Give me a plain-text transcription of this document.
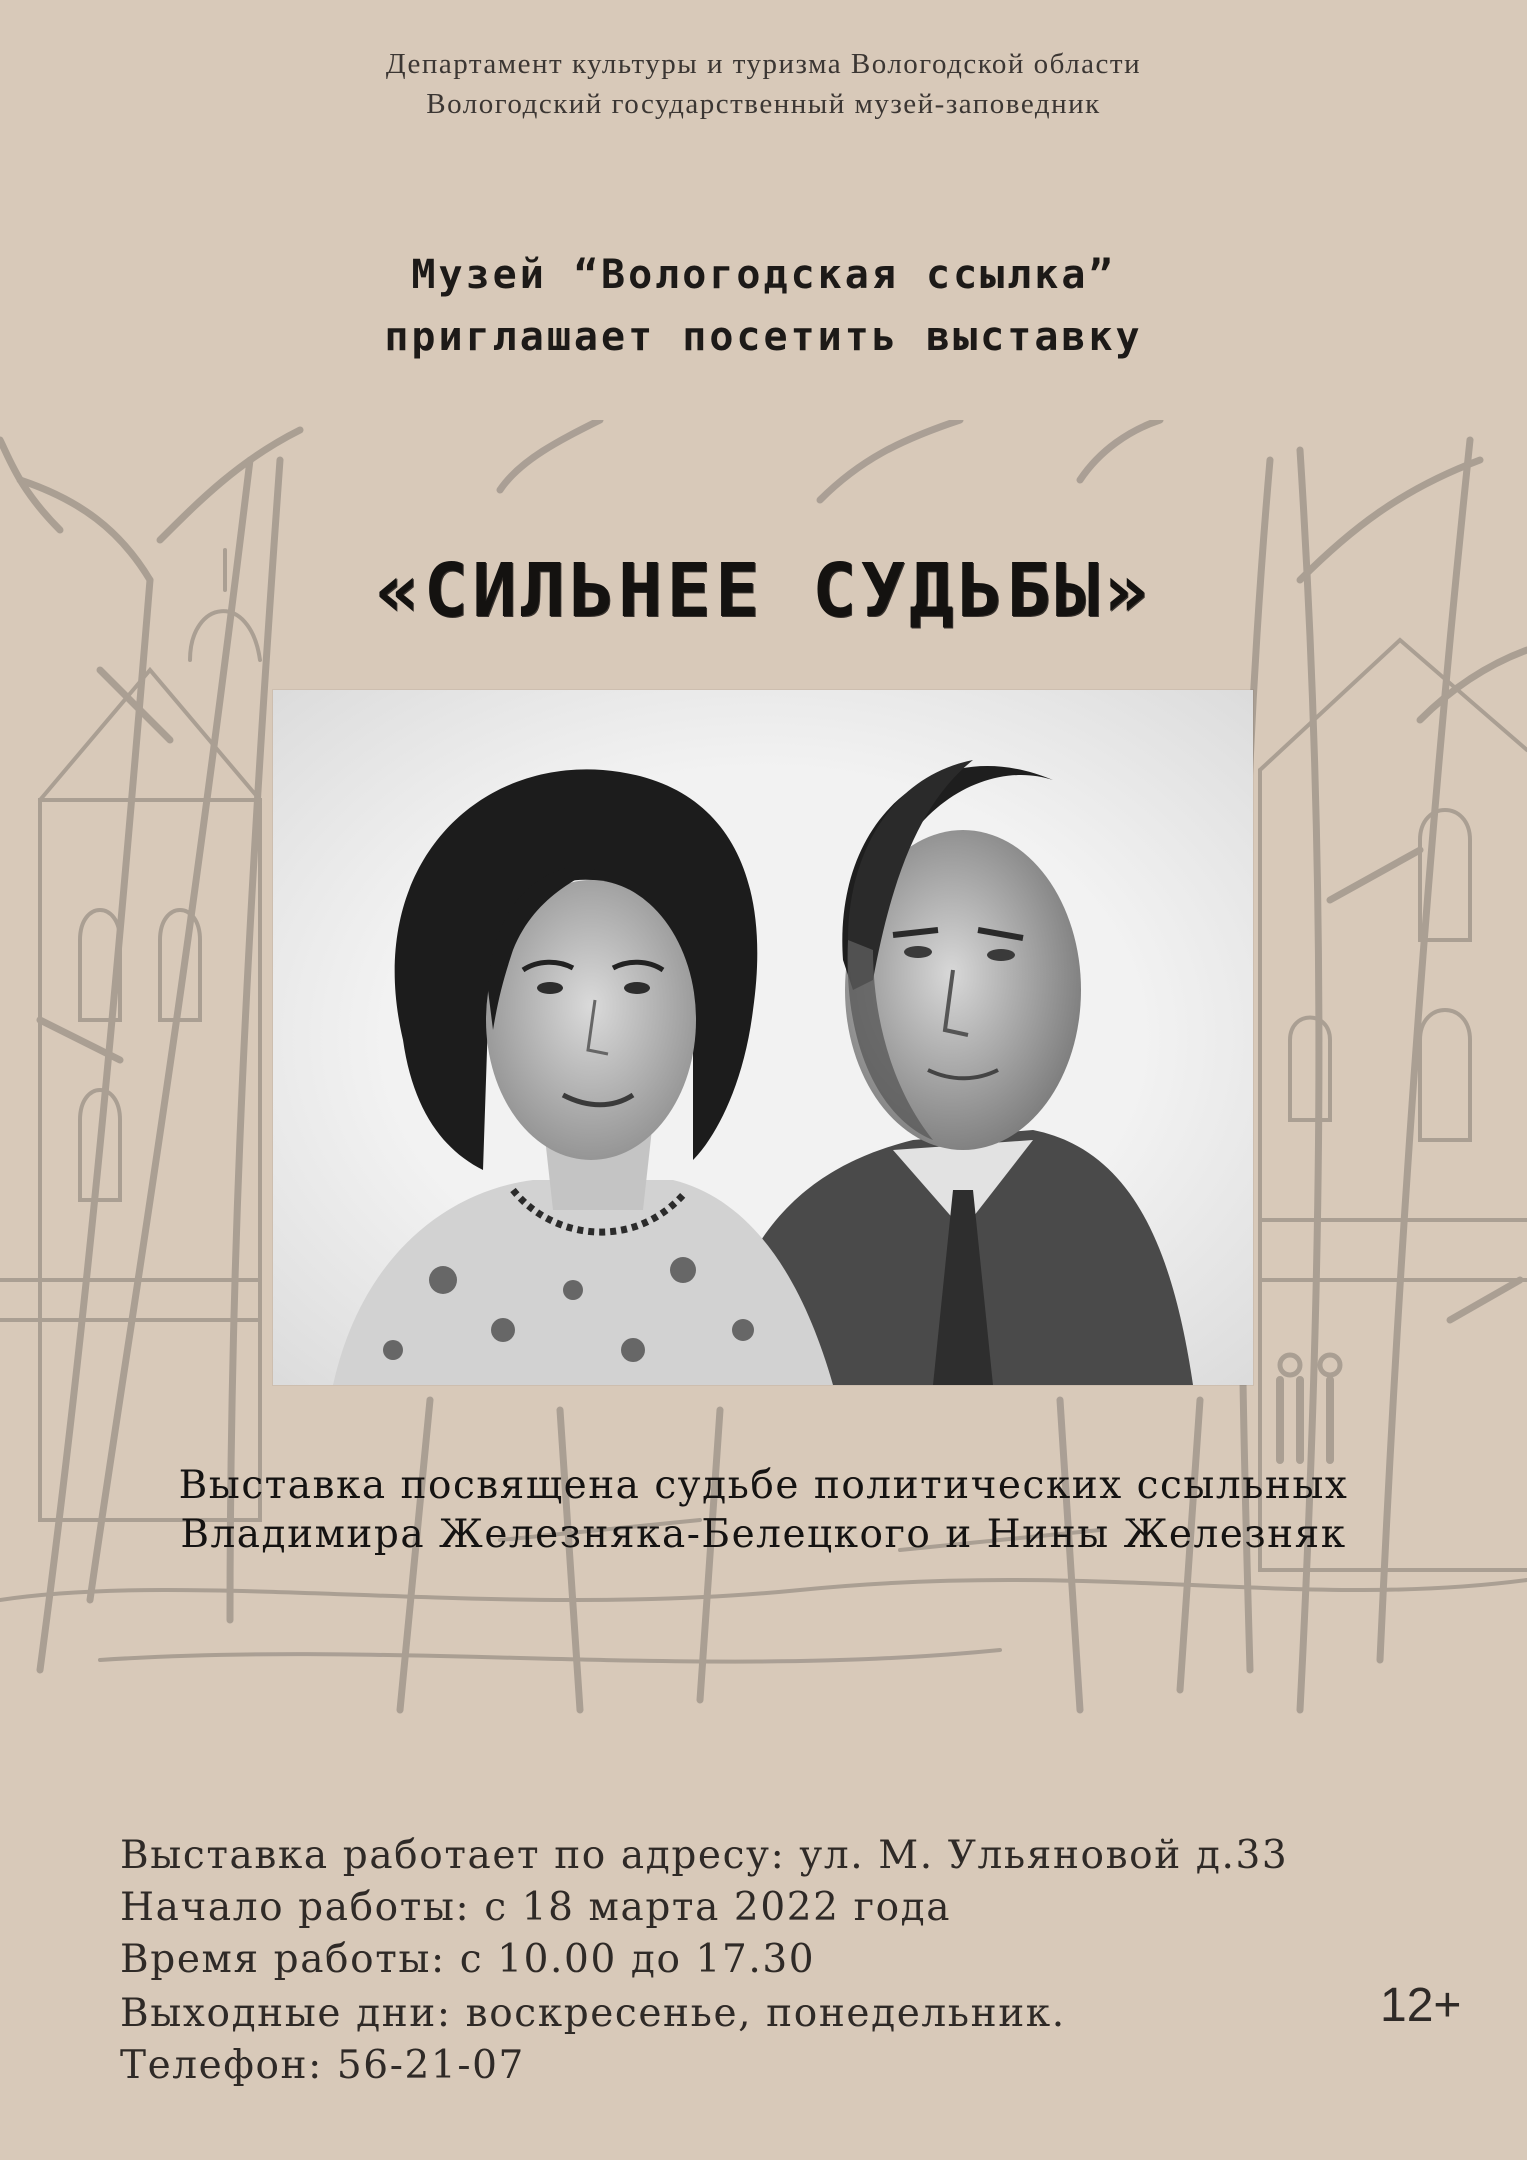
Департамент культуры и туризма Вологодской области
Вологодский государственный музей-заповедник
Музей “Вологодская ссылка”
приглашает посетить выставку
«СИЛЬНЕЕ СУДЬБЫ»
Выставка посвящена судьбе политических ссыльных
Владимира Железняка-Белецкого и Нины Железняк
Выставка работает по адресу: ул. М. Ульяновой д.33
Начало работы: с 18 марта 2022 года
Время работы: с 10.00 до 17.30
Выходные дни: воскресенье, понедельник.
Телефон: 56-21-07
12+
